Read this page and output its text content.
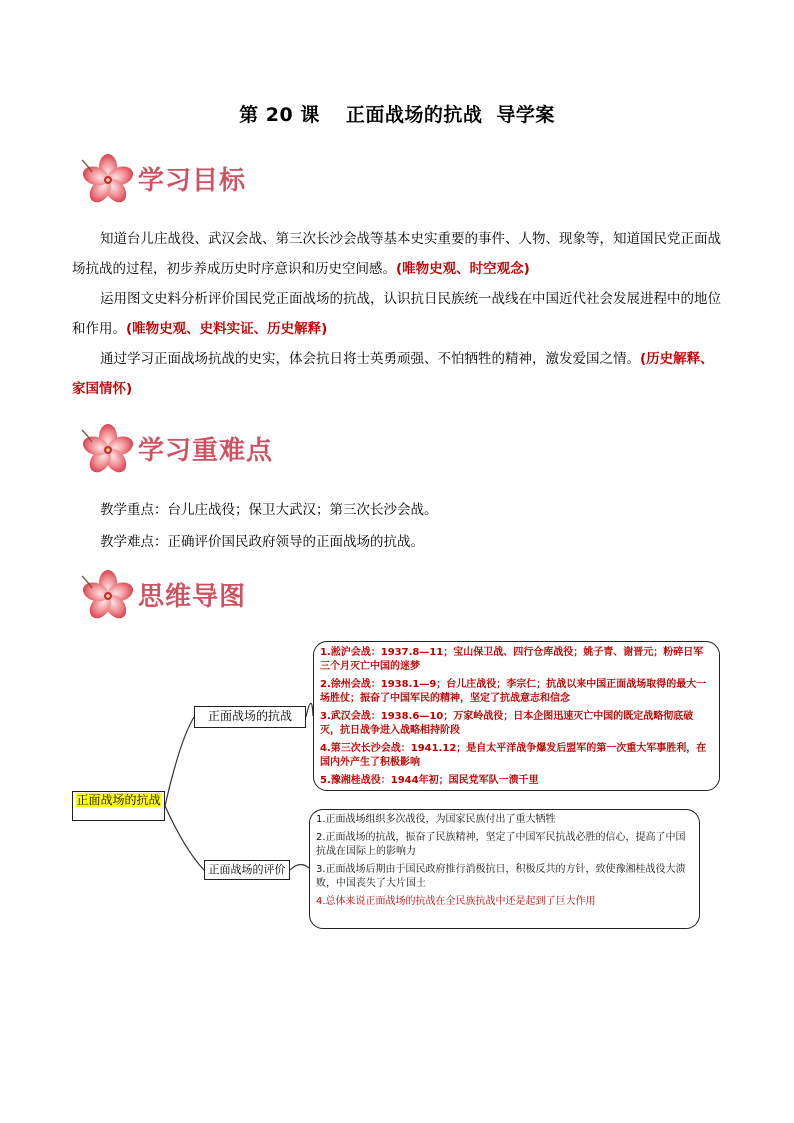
第 20 课 正面战场的抗战 导学案
学习目标

知道台儿庄战役、武汉会战、第三次长沙会战等基本史实重要的事件、人物、现象等，知道国民党正面战场抗战的过程，初步养成历史时序意识和历史空间感。(唯物史观、时空观念)

运用图文史料分析评价国民党正面战场的抗战，认识抗日民族统一战线在中国近代社会发展进程中的地位和作用。(唯物史观、史料实证、历史解释)

通过学习正面战场抗战的史实，体会抗日将士英勇顽强、不怕牺牲的精神，激发爱国之情。(历史解释、家国情怀)

学习重难点
教学重点：台儿庄战役；保卫大武汉；第三次长沙会战。
教学难点：正确评价国民政府领导的正面战场的抗战。
思维导图
正面战场的抗战
正面战场的抗战
正面战场的评价
1.淞沪会战：1937.8—11；宝山保卫战、四行仓库战役；姚子青、谢晋元；粉碎日军三个月灭亡中国的迷梦
2.徐州会战：1938.1—9；台儿庄战役；李宗仁；抗战以来中国正面战场取得的最大一场胜仗；振奋了中国军民的精神，坚定了抗战意志和信念
3.武汉会战：1938.6—10；万家岭战役；日本企图迅速灭亡中国的既定战略彻底破灭，抗日战争进入战略相持阶段
4.第三次长沙会战：1941.12；是自太平洋战争爆发后盟军的第一次重大军事胜利，在国内外产生了积极影响
5.豫湘桂战役：1944年初；国民党军队一溃千里
1.正面战场组织多次战役，为国家民族付出了重大牺牲
2.正面战场的抗战，振奋了民族精神，坚定了中国军民抗战必胜的信心，提高了中国抗战在国际上的影响力
3.正面战场后期由于国民政府推行消极抗日，积极反共的方针，致使豫湘桂战役大溃败，中国丧失了大片国土
4.总体来说正面战场的抗战在全民族抗战中还是起到了巨大作用
